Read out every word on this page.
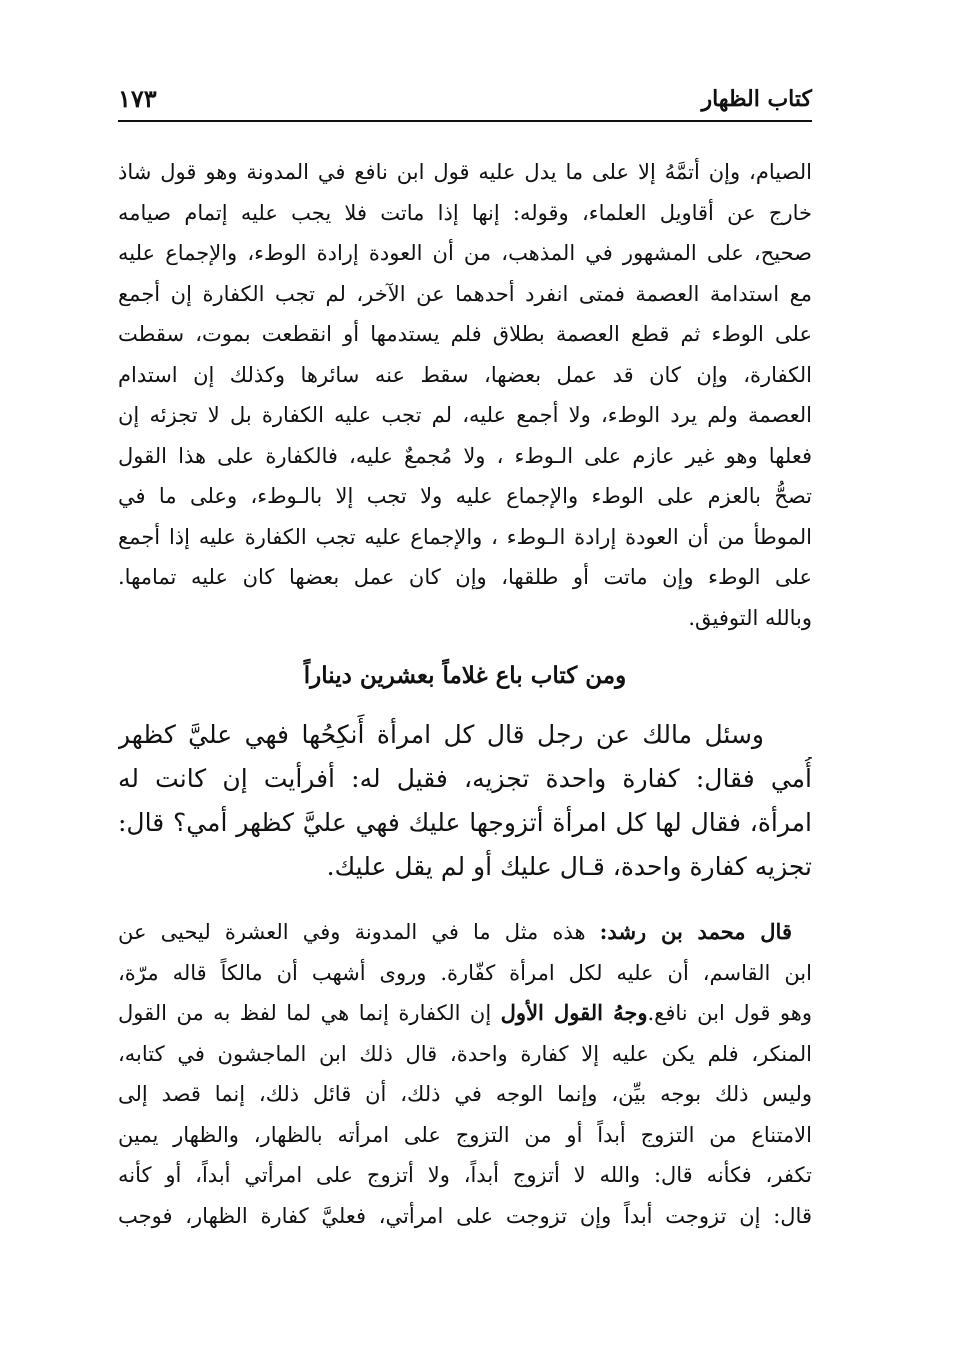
كتاب الظهار
١٧٣
الصيام، وإن أتمَّهُ إلا على ما يدل عليه قول ابن نافع في المدونة وهو قول شاذ
خارج عن أقاويل العلماء، وقوله: إنها إذا ماتت فلا يجب عليه إتمام صيامه
صحيح، على المشهور في المذهب، من أن العودة إرادة الوطء، والإجماع عليه
مع استدامة العصمة فمتى انفرد أحدهما عن الآخر، لم تجب الكفارة إن أجمع
على الوطء ثم قطع العصمة بطلاق فلم يستدمها أو انقطعت بموت، سقطت
الكفارة، وإن كان قد عمل بعضها، سقط عنه سائرها وكذلك إن استدام
العصمة ولم يرد الوطء، ولا أجمع عليه، لم تجب عليه الكفارة بل لا تجزئه إن
فعلها وهو غير عازم على الـوطء ، ولا مُجمعٌ عليه، فالكفارة على هذا القول
تصحُّ بالعزم على الوطء والإجماع عليه ولا تجب إلا بالـوطء، وعلى ما في
الموطأ من أن العودة إرادة الـوطء ، والإجماع عليه تجب الكفارة عليه إذا أجمع
على الوطء وإن ماتت أو طلقها، وإن كان عمل بعضها كان عليه تمامها.
وبالله التوفيق.
ومن كتاب باع غلاماً بعشرين ديناراً
وسئل مالك عن رجل قال كل امرأة أَنكِحُها فهي عليَّ كظهر
أُمي فقال: كفارة واحدة تجزيه، فقيل له: أفرأيت إن كانت له
امرأة، فقال لها كل امرأة أتزوجها عليك فهي عليَّ كظهر أمي؟ قال:
تجزيه كفارة واحدة، قـال عليك أو لم يقل عليك.
قال محمد بن رشد: هذه مثل ما في المدونة وفي العشرة ليحيى عن
ابن القاسم، أن عليه لكل امرأة كفّارة. وروى أشهب أن مالكاً قاله مرّة،
وهو قول ابن نافع.وجهُ القول الأول إن الكفارة إنما هي لما لفظ به من القول
المنكر، فلم يكن عليه إلا كفارة واحدة، قال ذلك ابن الماجشون في كتابه،
وليس ذلك بوجه بيِّن، وإنما الوجه في ذلك، أن قائل ذلك، إنما قصد إلى
الامتناع من التزوج أبداً أو من التزوج على امرأته بالظهار، والظهار يمين
تكفر، فكأنه قال: والله لا أتزوج أبداً، ولا أتزوج على امرأتي أبداً، أو كأنه
قال: إن تزوجت أبداً وإن تزوجت على امرأتي، فعليَّ كفارة الظهار، فوجب
